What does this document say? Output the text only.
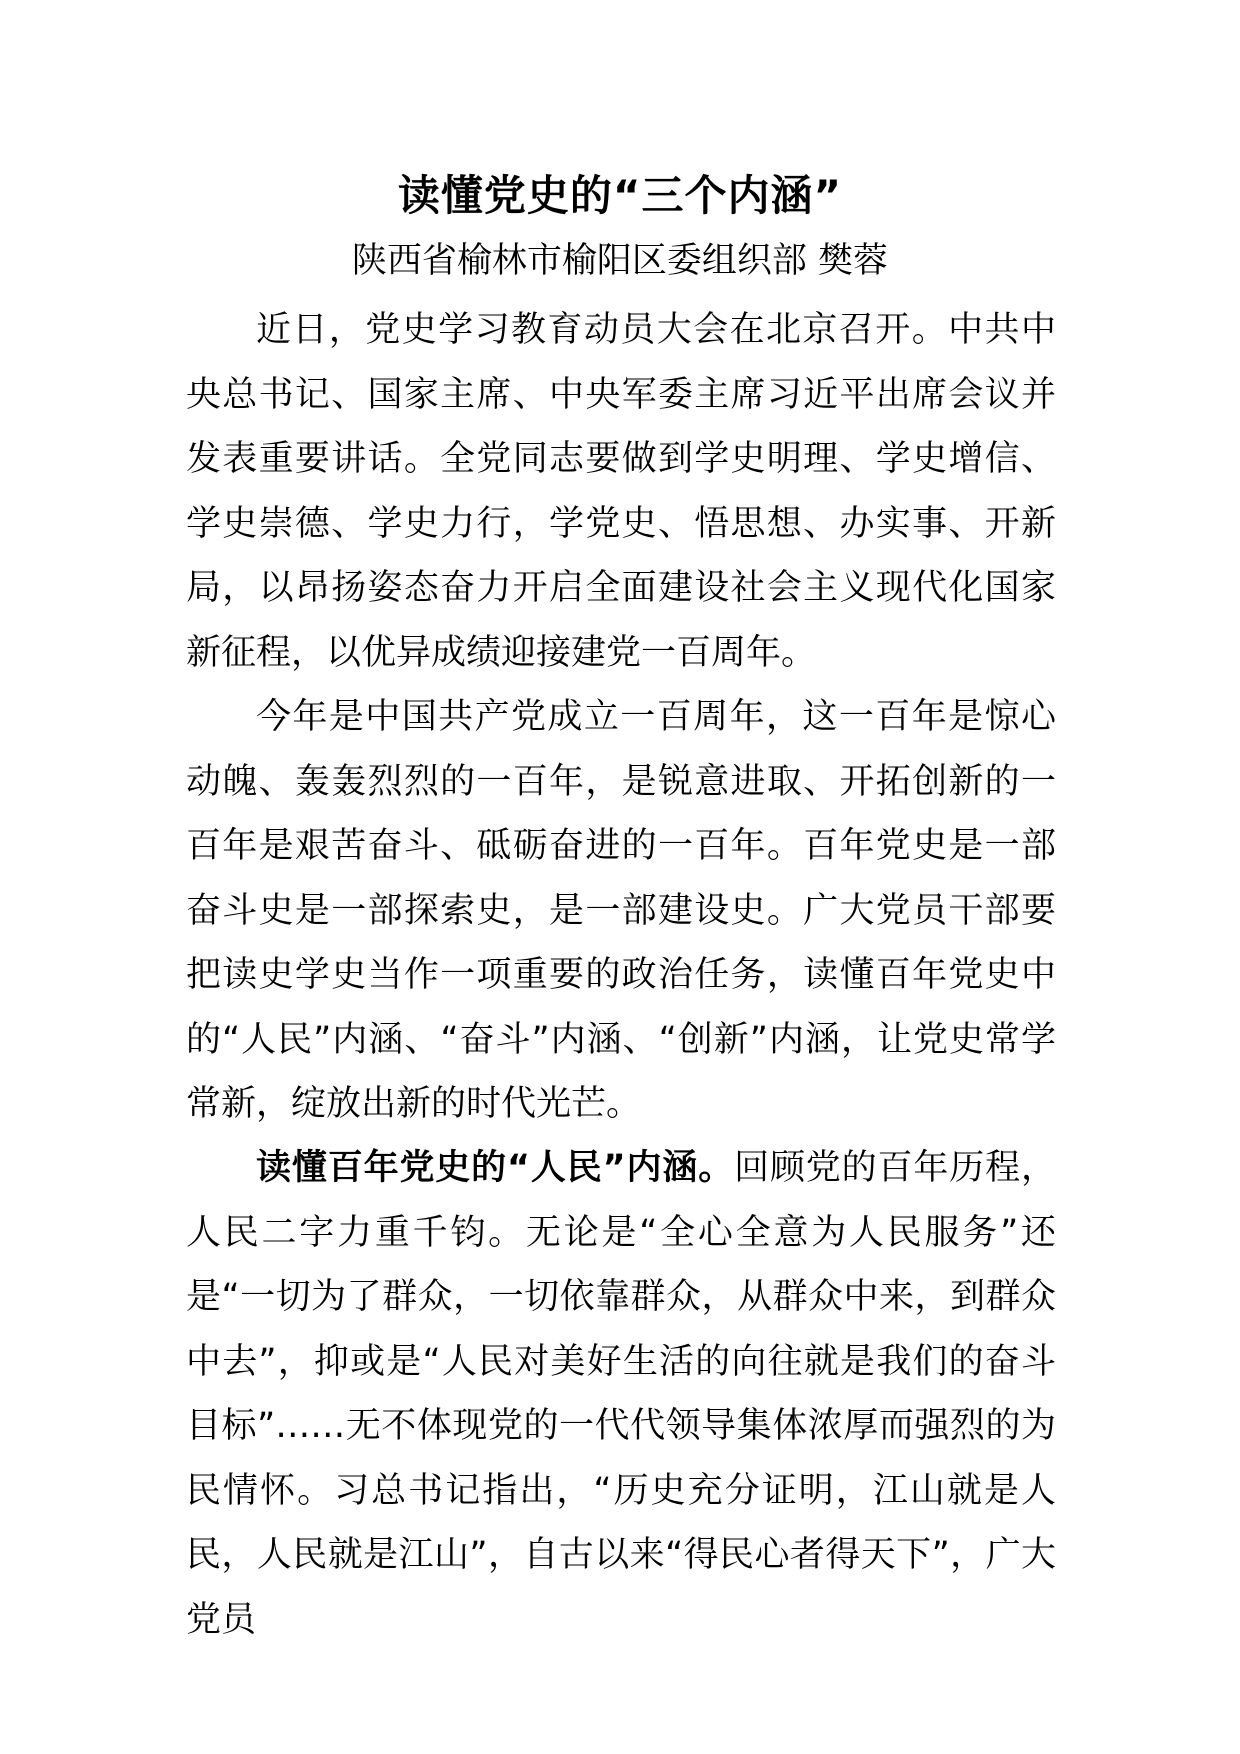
读懂党史的“三个内涵”
陕西省榆林市榆阳区委组织部 樊蓉

近日，党史学习教育动员大会在北京召开。中共中央总书记、国家主席、中央军委主席习近平出席会议并发表重要讲话。全党同志要做到学史明理、学史增信、学史崇德、学史力行，学党史、悟思想、办实事、开新局，以昂扬姿态奋力开启全面建设社会主义现代化国家新征程，以优异成绩迎接建党一百周年。

今年是中国共产党成立一百周年，这一百年是惊心动魄、轰轰烈烈的一百年，是锐意进取、开拓创新的一百年是艰苦奋斗、砥砺奋进的一百年。百年党史是一部奋斗史是一部探索史，是一部建设史。广大党员干部要把读史学史当作一项重要的政治任务，读懂百年党史中的“人民”内涵、“奋斗”内涵、“创新”内涵，让党史常学常新，绽放出新的时代光芒。

读懂百年党史的“人民”内涵。回顾党的百年历程，人民二字力重千钧。无论是“全心全意为人民服务”还是“一切为了群众，一切依靠群众，从群众中来，到群众中去”，抑或是“人民对美好生活的向往就是我们的奋斗目标”……无不体现党的一代代领导集体浓厚而强烈的为民情怀。习总书记指出，“历史充分证明，江山就是人民，人民就是江山”，自古以来“得民心者得天下”，广大党员
